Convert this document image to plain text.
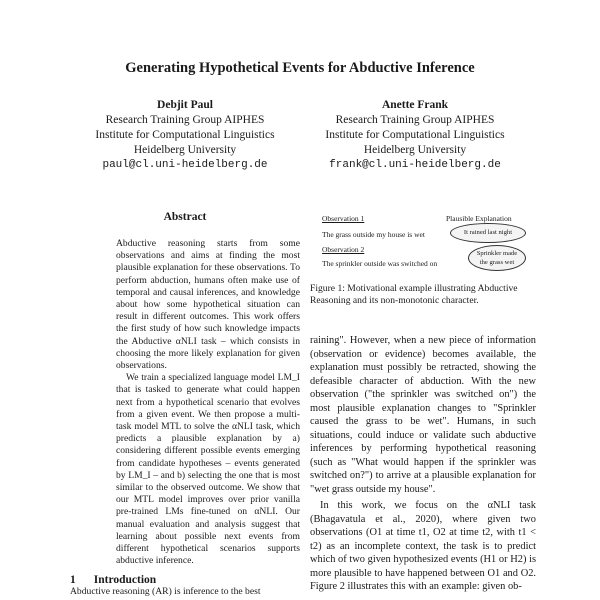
Generating Hypothetical Events for Abductive Inference
Debjit Paul
Research Training Group AIPHES
Institute for Computational Linguistics
Heidelberg University
paul@cl.uni-heidelberg.de
Anette Frank
Research Training Group AIPHES
Institute for Computational Linguistics
Heidelberg University
frank@cl.uni-heidelberg.de
Abstract

Abductive reasoning starts from some observations and aims at finding the most plausible explanation for these observations. To perform abduction, humans often make use of temporal and causal inferences, and knowledge about how some hypothetical situation can result in different outcomes. This work offers the first study of how such knowledge impacts the Abductive αNLI task – which consists in choosing the more likely explanation for given observations.

We train a specialized language model LM_I that is tasked to generate what could happen next from a hypothetical scenario that evolves from a given event. We then propose a multi-task model MTL to solve the αNLI task, which predicts a plausible explanation by a) considering different possible events emerging from candidate hypotheses – events generated by LM_I – and b) selecting the one that is most similar to the observed outcome. We show that our MTL model improves over prior vanilla pre-trained LMs fine-tuned on αNLI. Our manual evaluation and analysis suggest that learning about possible next events from different hypothetical scenarios supports abductive inference.

1 Introduction
Abductive reasoning (AR) is inference to the best
Observation 1
The grass outside my house is wet
Plausible Explanation
It rained last night
Observation 2
The sprinkler outside was switched on
Sprinkler made
the grass wet
Figure 1: Motivational example illustrating Abductive Reasoning and its non-monotonic character.

raining". However, when a new piece of information (observation or evidence) becomes available, the explanation must possibly be retracted, showing the defeasible character of abduction. With the new observation ("the sprinkler was switched on") the most plausible explanation changes to "Sprinkler caused the grass to be wet". Humans, in such situations, could induce or validate such abductive inferences by performing hypothetical reasoning (such as "What would happen if the sprinkler was switched on?") to arrive at a plausible explanation for "wet grass outside my house".

In this work, we focus on the αNLI task (Bhagavatula et al., 2020), where given two observations (O1 at time t1, O2 at time t2, with t1 < t2) as an incomplete context, the task is to predict which of two given hypothesized events (H1 or H2) is more plausible to have happened between O1 and O2. Figure 2 illustrates this with an example: given ob-
